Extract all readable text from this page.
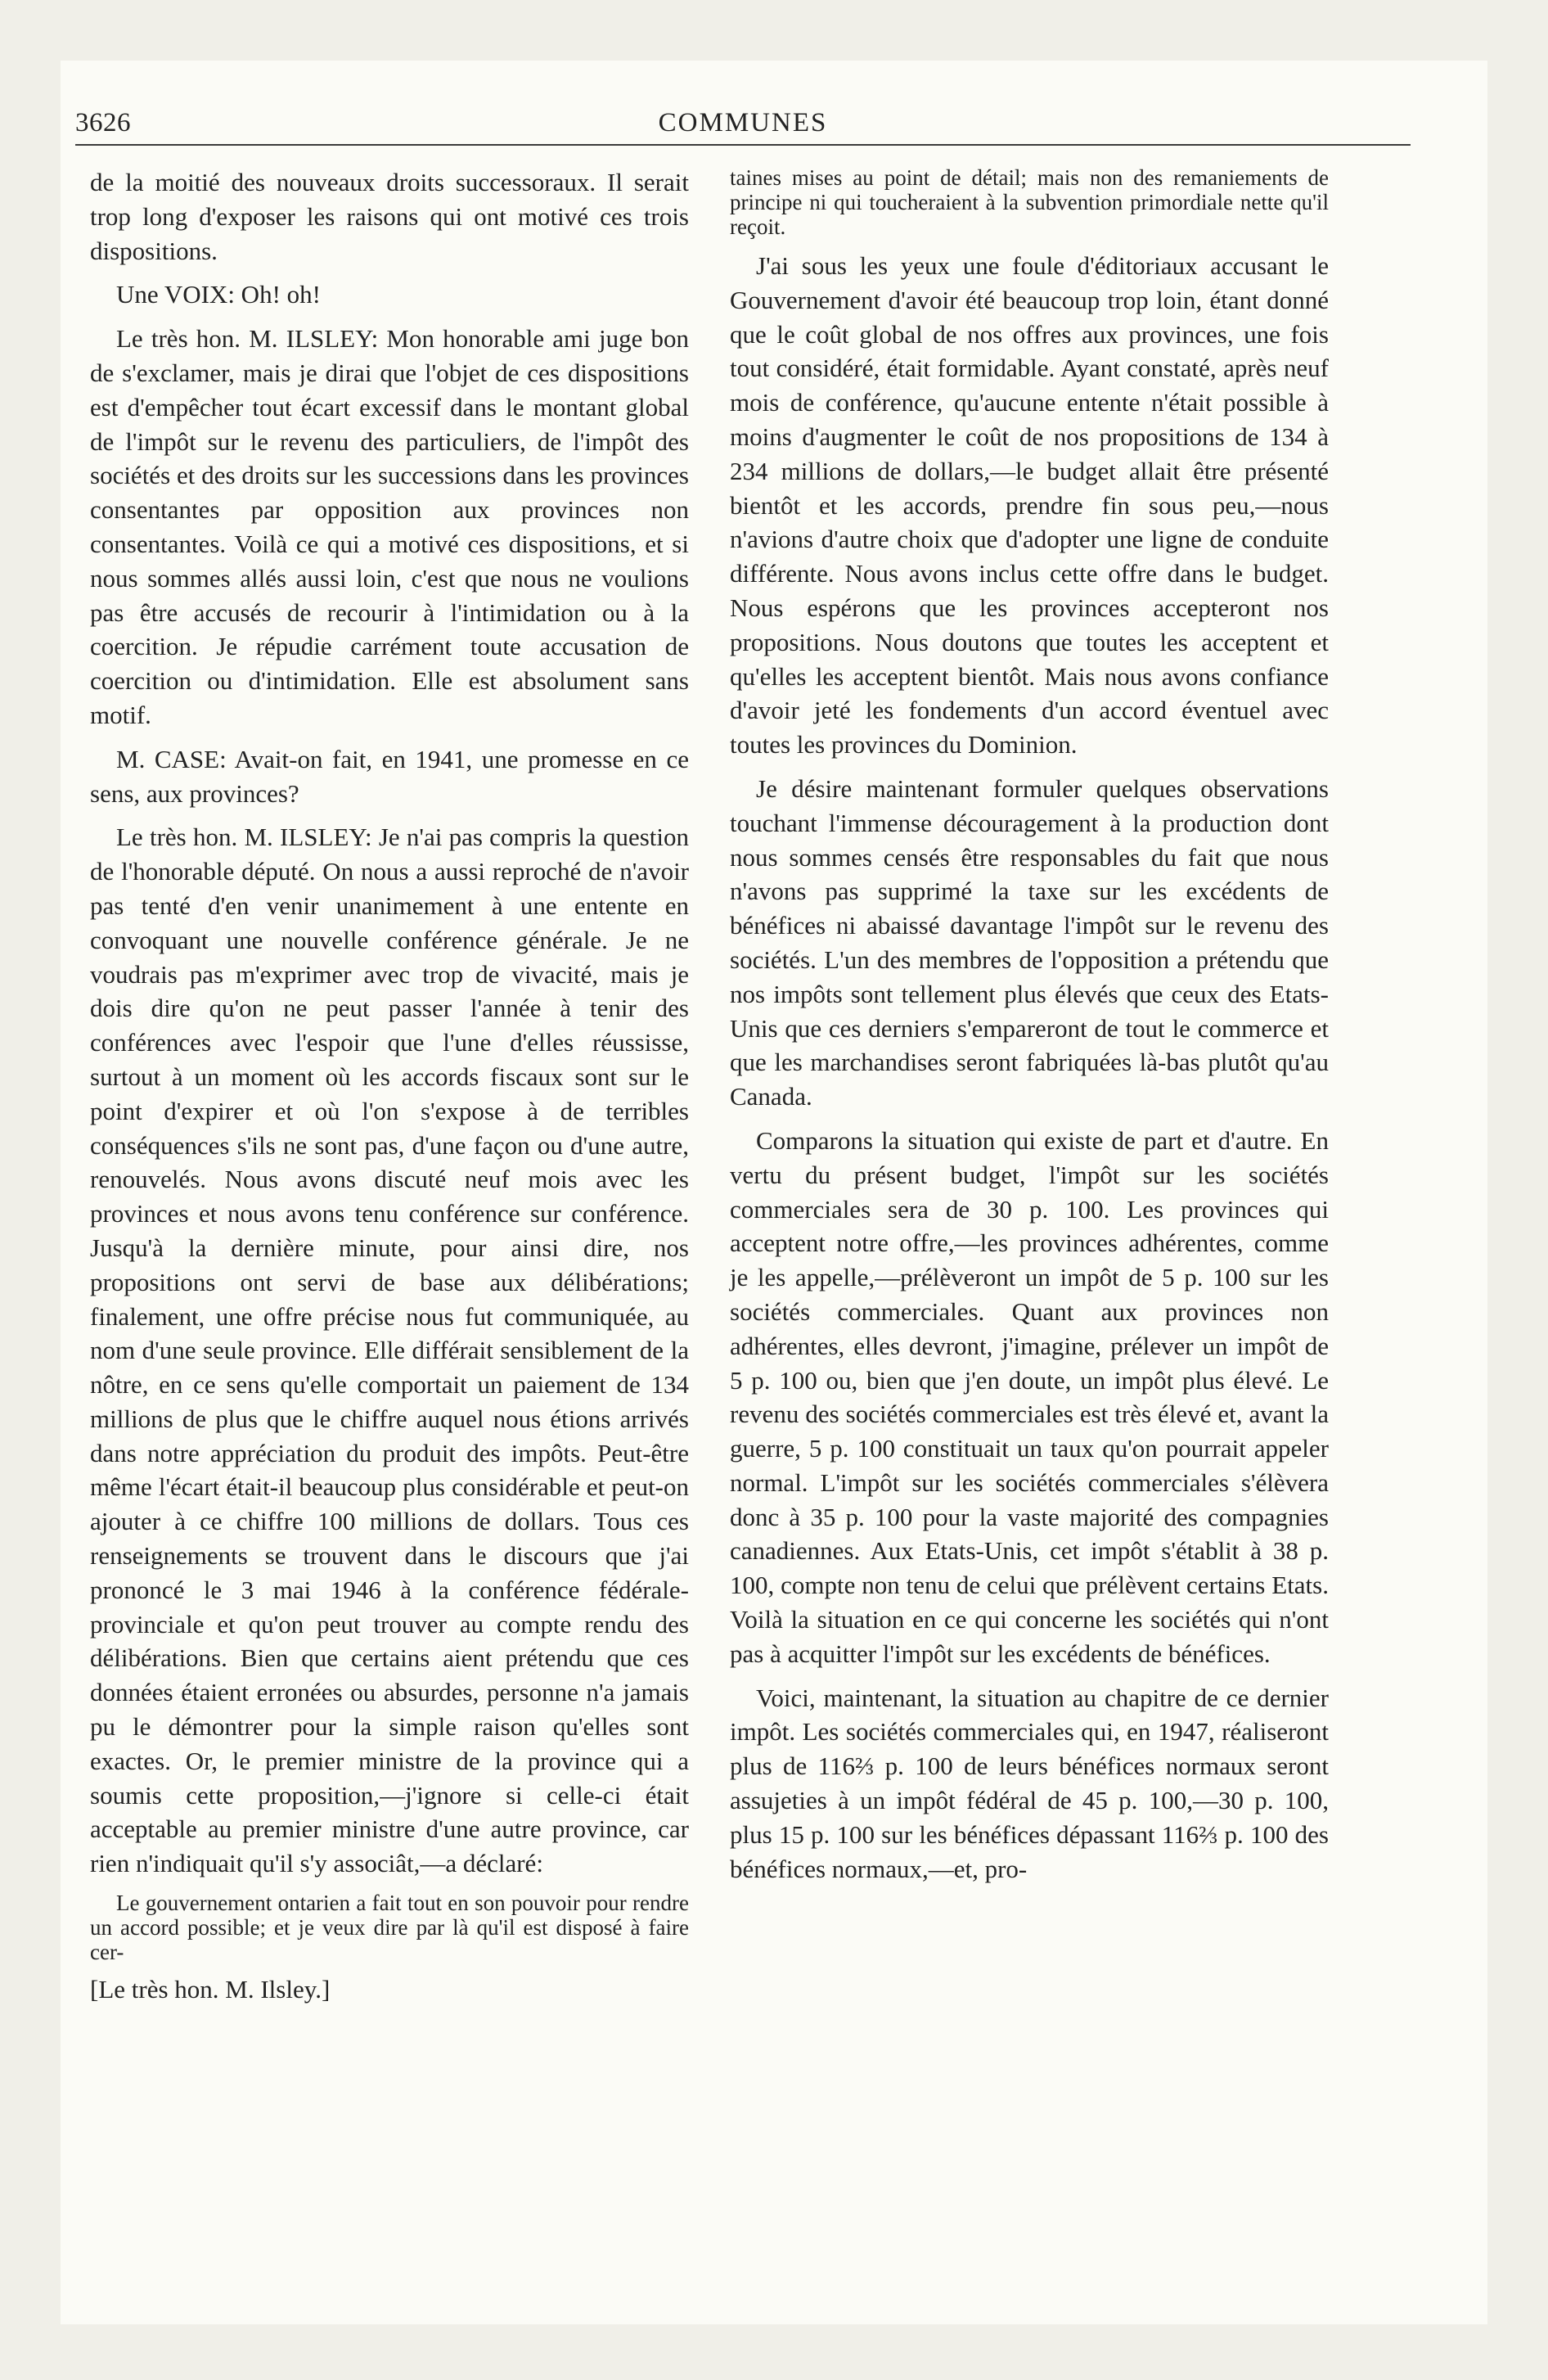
3626	COMMUNES

de la moitié des nouveaux droits successoraux. Il serait trop long d'exposer les raisons qui ont motivé ces trois dispositions.

Une VOIX: Oh! oh!

Le très hon. M. ILSLEY: Mon honorable ami juge bon de s'exclamer, mais je dirai que l'objet de ces dispositions est d'empêcher tout écart excessif dans le montant global de l'impôt sur le revenu des particuliers, de l'impôt des sociétés et des droits sur les successions dans les provinces consentantes par opposition aux provinces non consentantes. Voilà ce qui a motivé ces dispositions, et si nous sommes allés aussi loin, c'est que nous ne voulions pas être accusés de recourir à l'intimidation ou à la coercition. Je répudie carrément toute accusation de coercition ou d'intimidation. Elle est absolument sans motif.

M. CASE: Avait-on fait, en 1941, une promesse en ce sens, aux provinces?

Le très hon. M. ILSLEY: Je n'ai pas compris la question de l'honorable député. On nous a aussi reproché de n'avoir pas tenté d'en venir unanimement à une entente en convoquant une nouvelle conférence générale. Je ne voudrais pas m'exprimer avec trop de vivacité, mais je dois dire qu'on ne peut passer l'année à tenir des conférences avec l'espoir que l'une d'elles réussisse, surtout à un moment où les accords fiscaux sont sur le point d'expirer et où l'on s'expose à de terribles conséquences s'ils ne sont pas, d'une façon ou d'une autre, renouvelés. Nous avons discuté neuf mois avec les provinces et nous avons tenu conférence sur conférence. Jusqu'à la dernière minute, pour ainsi dire, nos propositions ont servi de base aux délibérations; finalement, une offre précise nous fut communiquée, au nom d'une seule province. Elle différait sensiblement de la nôtre, en ce sens qu'elle comportait un paiement de 134 millions de plus que le chiffre auquel nous étions arrivés dans notre appréciation du produit des impôts. Peut-être même l'écart était-il beaucoup plus considérable et peut-on ajouter à ce chiffre 100 millions de dollars. Tous ces renseignements se trouvent dans le discours que j'ai prononcé le 3 mai 1946 à la conférence fédérale-provinciale et qu'on peut trouver au compte rendu des délibérations. Bien que certains aient prétendu que ces données étaient erronées ou absurdes, personne n'a jamais pu le démontrer pour la simple raison qu'elles sont exactes. Or, le premier ministre de la province qui a soumis cette proposition,—j'ignore si celle-ci était acceptable au premier ministre d'une autre province, car rien n'indiquait qu'il s'y associât,—a déclaré:

Le gouvernement ontarien a fait tout en son pouvoir pour rendre un accord possible; et je veux dire par là qu'il est disposé à faire cer-

[Le très hon. M. Ilsley.]

taines mises au point de détail; mais non des remaniements de principe ni qui toucheraient à la subvention primordiale nette qu'il reçoit.

J'ai sous les yeux une foule d'éditoriaux accusant le Gouvernement d'avoir été beaucoup trop loin, étant donné que le coût global de nos offres aux provinces, une fois tout considéré, était formidable. Ayant constaté, après neuf mois de conférence, qu'aucune entente n'était possible à moins d'augmenter le coût de nos propositions de 134 à 234 millions de dollars,—le budget allait être présenté bientôt et les accords, prendre fin sous peu,—nous n'avions d'autre choix que d'adopter une ligne de conduite différente. Nous avons inclus cette offre dans le budget. Nous espérons que les provinces accepteront nos propositions. Nous doutons que toutes les acceptent et qu'elles les acceptent bientôt. Mais nous avons confiance d'avoir jeté les fondements d'un accord éventuel avec toutes les provinces du Dominion.

Je désire maintenant formuler quelques observations touchant l'immense découragement à la production dont nous sommes censés être responsables du fait que nous n'avons pas supprimé la taxe sur les excédents de bénéfices ni abaissé davantage l'impôt sur le revenu des sociétés. L'un des membres de l'opposition a prétendu que nos impôts sont tellement plus élevés que ceux des Etats-Unis que ces derniers s'empareront de tout le commerce et que les marchandises seront fabriquées là-bas plutôt qu'au Canada.

Comparons la situation qui existe de part et d'autre. En vertu du présent budget, l'impôt sur les sociétés commerciales sera de 30 p. 100. Les provinces qui acceptent notre offre,—les provinces adhérentes, comme je les appelle,—prélèveront un impôt de 5 p. 100 sur les sociétés commerciales. Quant aux provinces non adhérentes, elles devront, j'imagine, prélever un impôt de 5 p. 100 ou, bien que j'en doute, un impôt plus élevé. Le revenu des sociétés commerciales est très élevé et, avant la guerre, 5 p. 100 constituait un taux qu'on pourrait appeler normal. L'impôt sur les sociétés commerciales s'élèvera donc à 35 p. 100 pour la vaste majorité des compagnies canadiennes. Aux Etats-Unis, cet impôt s'établit à 38 p. 100, compte non tenu de celui que prélèvent certains Etats. Voilà la situation en ce qui concerne les sociétés qui n'ont pas à acquitter l'impôt sur les excédents de bénéfices.

Voici, maintenant, la situation au chapitre de ce dernier impôt. Les sociétés commerciales qui, en 1947, réaliseront plus de 116⅔ p. 100 de leurs bénéfices normaux seront assujeties à un impôt fédéral de 45 p. 100,—30 p. 100, plus 15 p. 100 sur les bénéfices dépassant 116⅔ p. 100 des bénéfices normaux,—et, pro-
